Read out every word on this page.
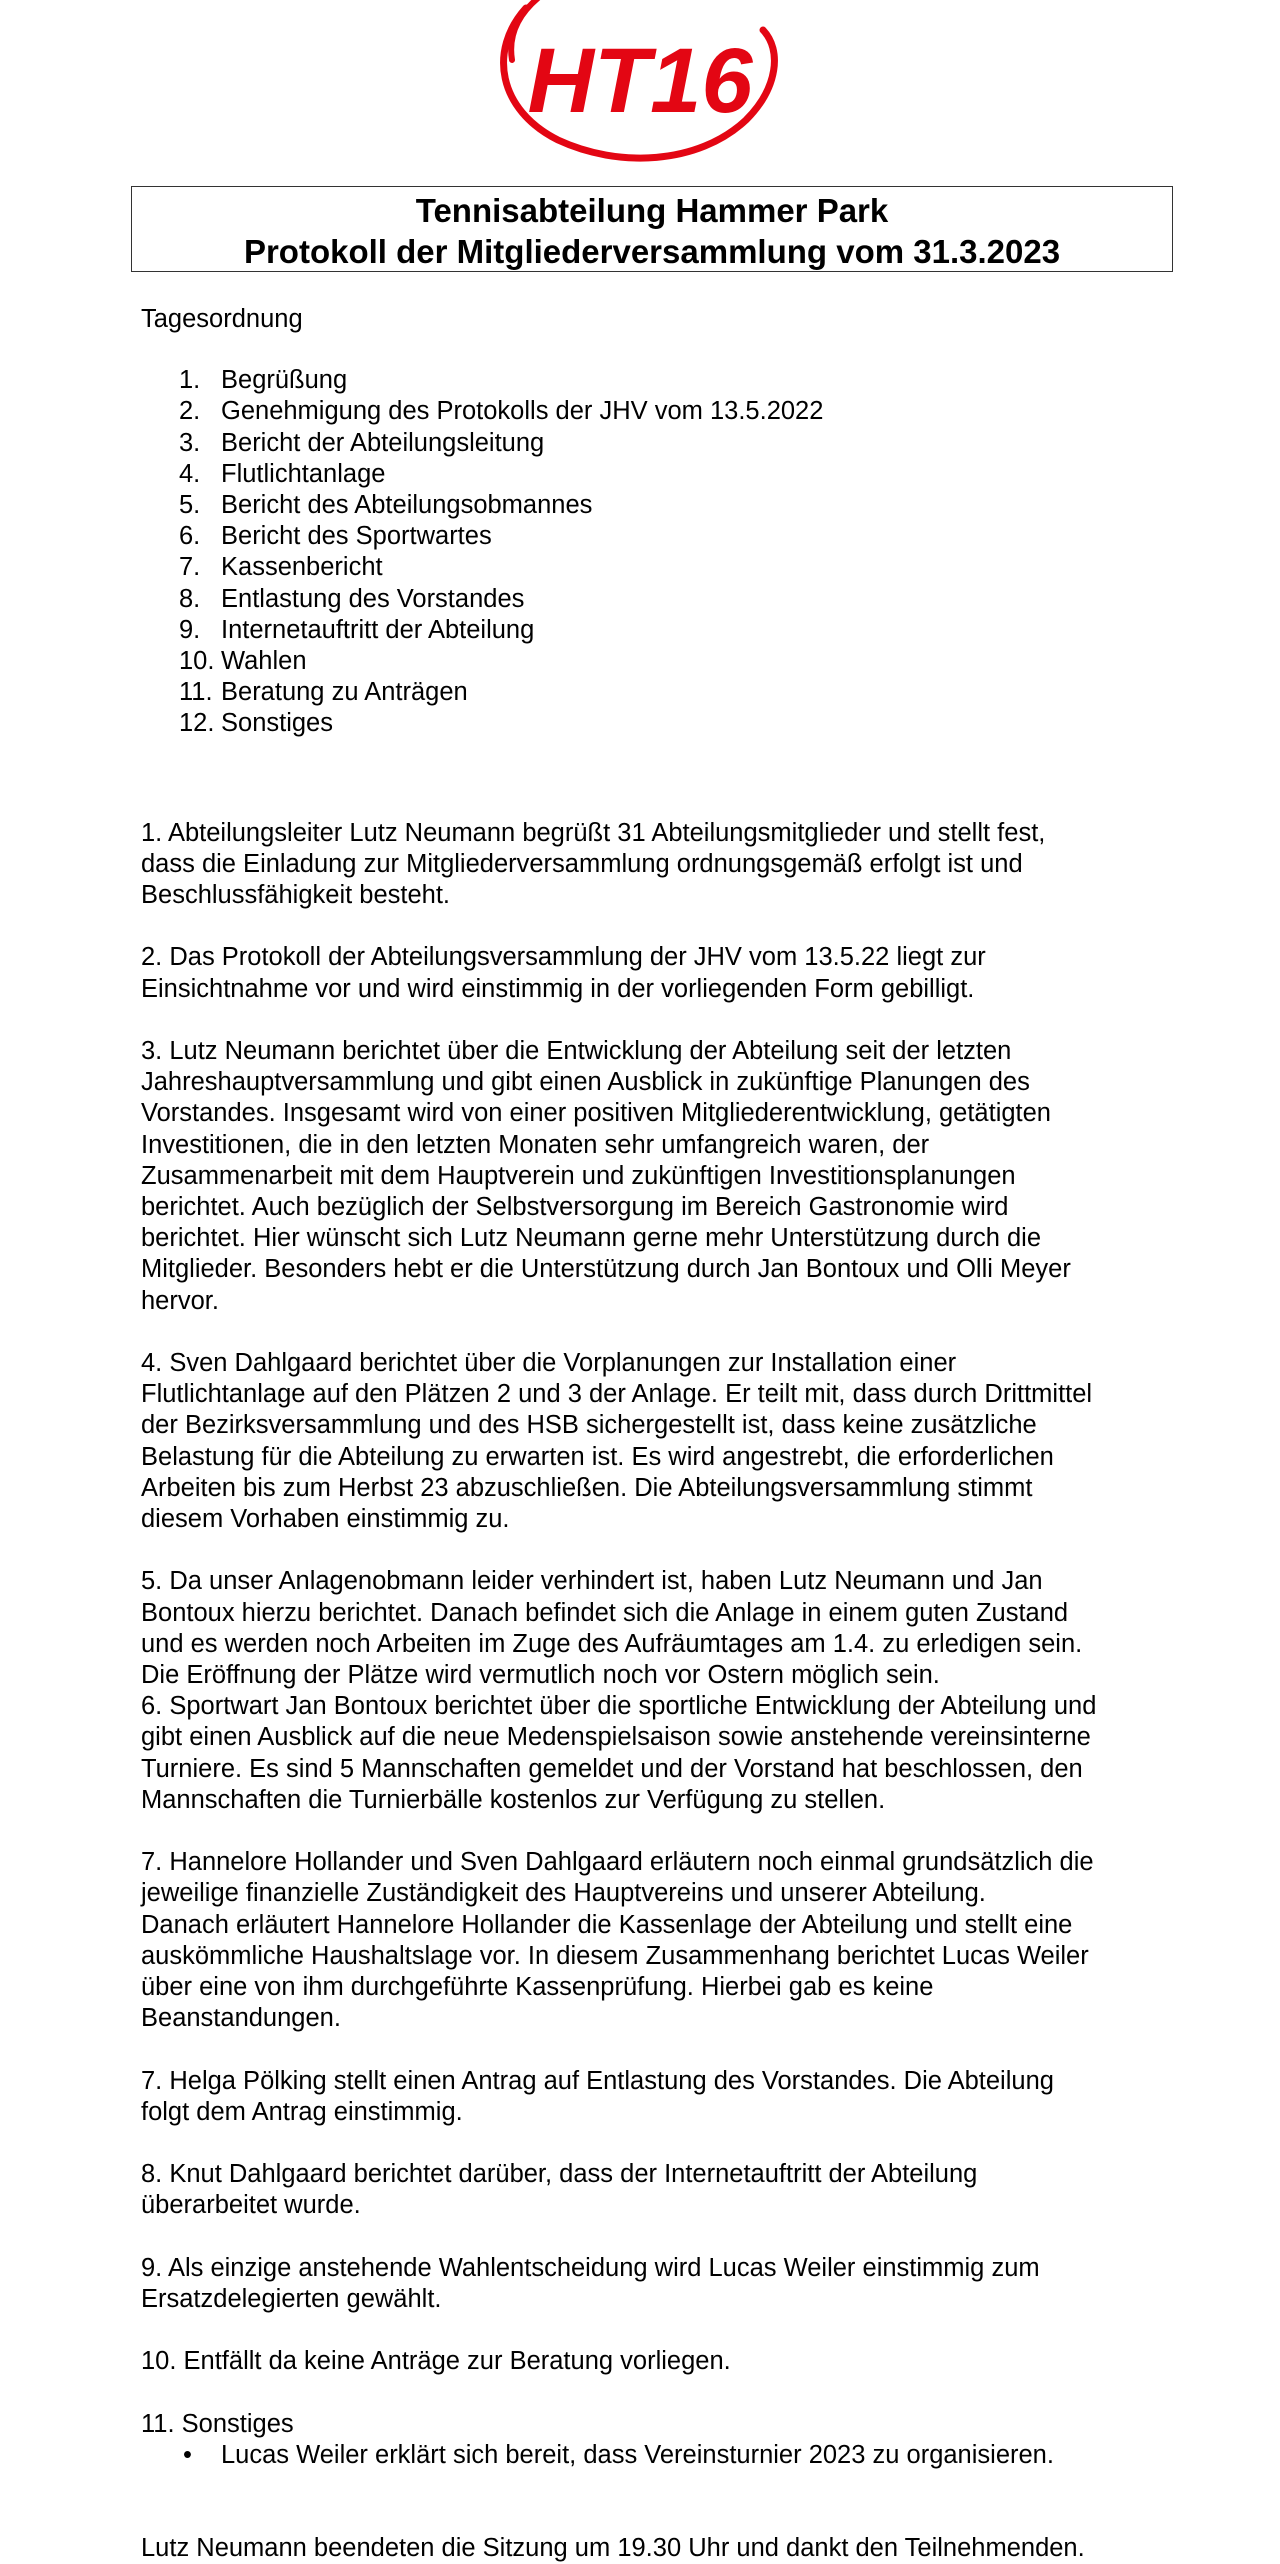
HT16
Tennisabteilung Hammer Park
Protokoll der Mitgliederversammlung vom 31.3.2023

Tagesordnung

1. Begrüßung
2. Genehmigung des Protokolls der JHV vom 13.5.2022
3. Bericht der Abteilungsleitung
4. Flutlichtanlage
5. Bericht des Abteilungsobmannes
6. Bericht des Sportwartes
7. Kassenbericht
8. Entlastung des Vorstandes
9. Internetauftritt der Abteilung
10. Wahlen
11. Beratung zu Anträgen
12. Sonstiges
1. Abteilungsleiter Lutz Neumann begrüßt 31 Abteilungsmitglieder und stellt fest,
dass die Einladung zur Mitgliederversammlung ordnungsgemäß erfolgt ist und
Beschlussfähigkeit besteht.
2. Das Protokoll der Abteilungsversammlung der JHV vom 13.5.22 liegt zur
Einsichtnahme vor und wird einstimmig in der vorliegenden Form gebilligt.
3. Lutz Neumann berichtet über die Entwicklung der Abteilung seit der letzten
Jahreshauptversammlung und gibt einen Ausblick in zukünftige Planungen des
Vorstandes. Insgesamt wird von einer positiven Mitgliederentwicklung, getätigten
Investitionen, die in den letzten Monaten sehr umfangreich waren, der
Zusammenarbeit mit dem Hauptverein und zukünftigen Investitionsplanungen
berichtet. Auch bezüglich der Selbstversorgung im Bereich Gastronomie wird
berichtet. Hier wünscht sich Lutz Neumann gerne mehr Unterstützung durch die
Mitglieder. Besonders hebt er die Unterstützung durch Jan Bontoux und Olli Meyer
hervor.
4. Sven Dahlgaard berichtet über die Vorplanungen zur Installation einer
Flutlichtanlage auf den Plätzen 2 und 3 der Anlage. Er teilt mit, dass durch Drittmittel
der Bezirksversammlung und des HSB sichergestellt ist, dass keine zusätzliche
Belastung für die Abteilung zu erwarten ist. Es wird angestrebt, die erforderlichen
Arbeiten bis zum Herbst 23 abzuschließen. Die Abteilungsversammlung stimmt
diesem Vorhaben einstimmig zu.
5. Da unser Anlagenobmann leider verhindert ist, haben Lutz Neumann und Jan
Bontoux hierzu berichtet. Danach befindet sich die Anlage in einem guten Zustand
und es werden noch Arbeiten im Zuge des Aufräumtages am 1.4. zu erledigen sein.
Die Eröffnung der Plätze wird vermutlich noch vor Ostern möglich sein.
6. Sportwart Jan Bontoux berichtet über die sportliche Entwicklung der Abteilung und
gibt einen Ausblick auf die neue Medenspielsaison sowie anstehende vereinsinterne
Turniere. Es sind 5 Mannschaften gemeldet und der Vorstand hat beschlossen, den
Mannschaften die Turnierbälle kostenlos zur Verfügung zu stellen.
7. Hannelore Hollander und Sven Dahlgaard erläutern noch einmal grundsätzlich die
jeweilige finanzielle Zuständigkeit des Hauptvereins und unserer Abteilung.
Danach erläutert Hannelore Hollander die Kassenlage der Abteilung und stellt eine
auskömmliche Haushaltslage vor. In diesem Zusammenhang berichtet Lucas Weiler
über eine von ihm durchgeführte Kassenprüfung. Hierbei gab es keine
Beanstandungen.
7. Helga Pölking stellt einen Antrag auf Entlastung des Vorstandes. Die Abteilung
folgt dem Antrag einstimmig.
8. Knut Dahlgaard berichtet darüber, dass der Internetauftritt der Abteilung
überarbeitet wurde.
9. Als einzige anstehende Wahlentscheidung wird Lucas Weiler einstimmig zum
Ersatzdelegierten gewählt.
10. Entfällt da keine Anträge zur Beratung vorliegen.
11. Sonstiges
• Lucas Weiler erklärt sich bereit, dass Vereinsturnier 2023 zu organisieren.
Lutz Neumann beendeten die Sitzung um 19.30 Uhr und dankt den Teilnehmenden.
